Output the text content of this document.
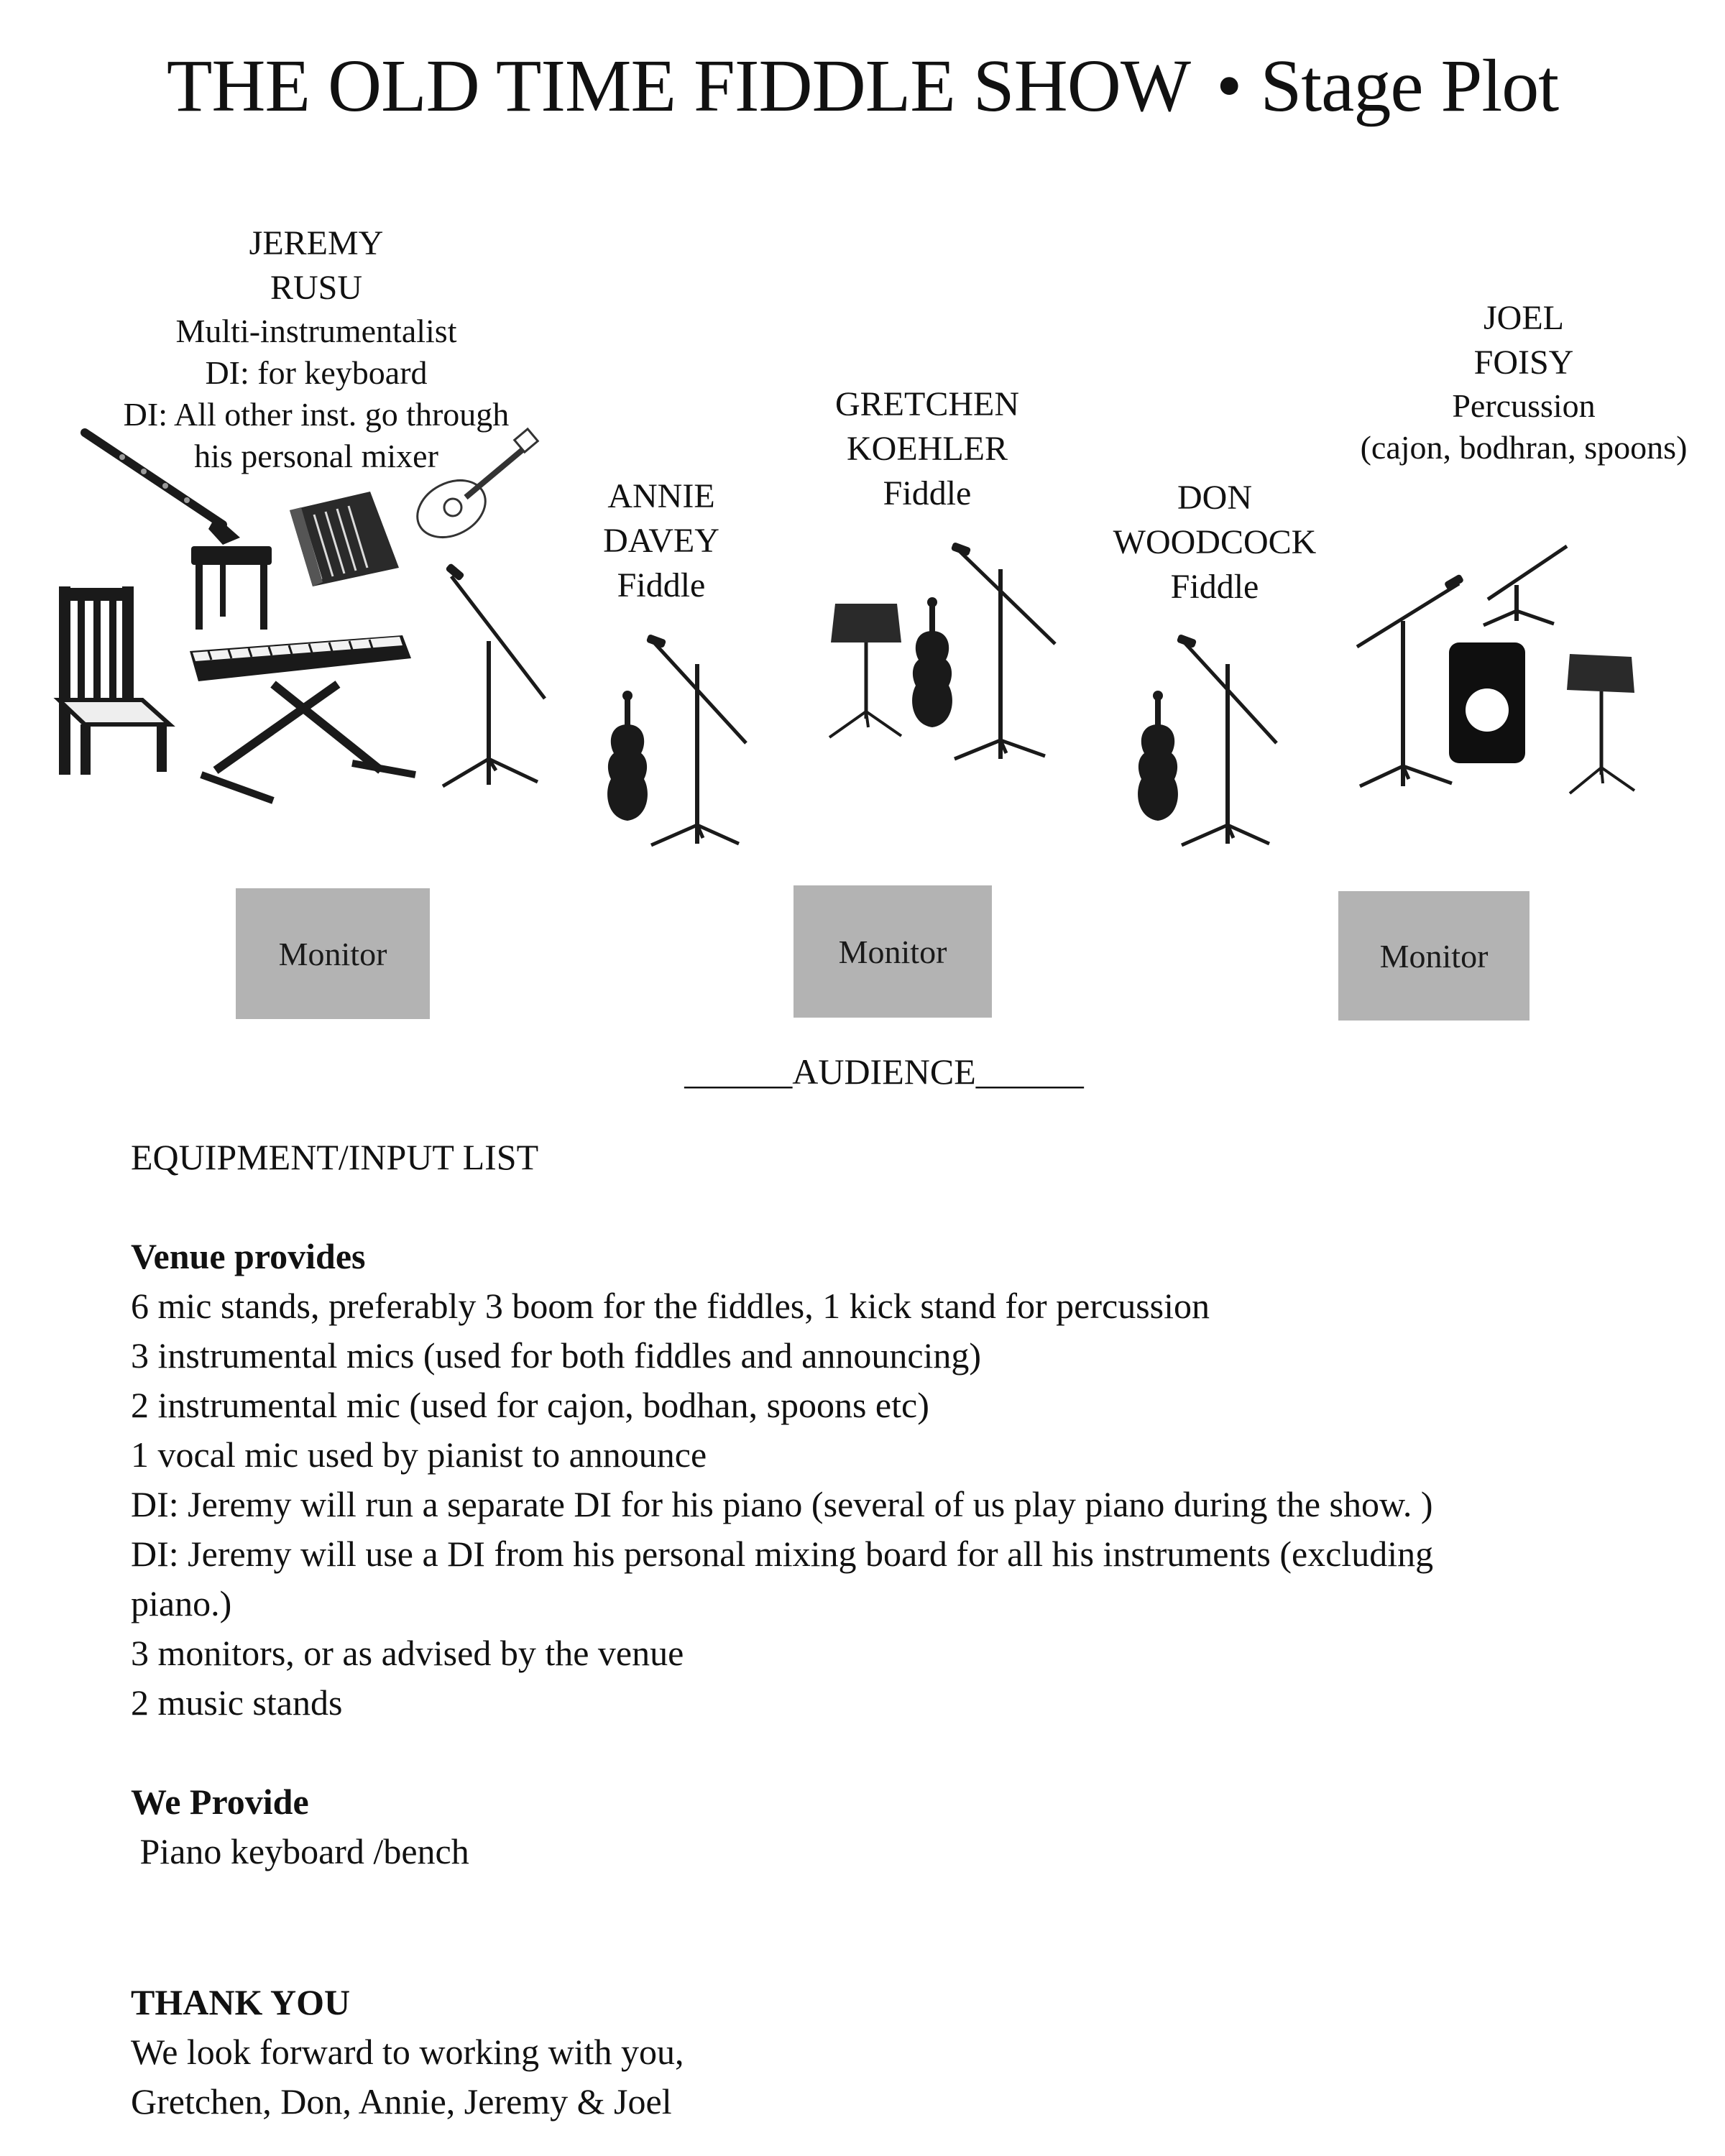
THE OLD TIME FIDDLE SHOW • Stage Plot
JEREMY
RUSU
Multi-instrumentalist
DI: for keyboard
DI: All other inst. go through
his personal mixer
ANNIE
DAVEY
Fiddle
GRETCHEN
KOEHLER
Fiddle	DON
WOODCOCK
Fiddle
JOEL
FOISY
Percussion
(cajon, bodhran, spoons)
Monitor	Monitor	Monitor
______AUDIENCE______
EQUIPMENT/INPUT LIST
Venue provides
6 mic stands, preferably 3 boom for the fiddles, 1 kick stand for percussion
3 instrumental mics (used for both fiddles and announcing)
2 instrumental mic (used for cajon, bodhan, spoons etc)
1 vocal mic used by pianist to announce
DI: Jeremy will run a separate DI for his piano (several of us play piano during the show. )
DI: Jeremy will use a DI from his personal mixing board for all his instruments (excluding
piano.)
3 monitors, or as advised by the venue
2 music stands
We Provide
Piano keyboard /bench
THANK YOU
We look forward to working with you,
Gretchen, Don, Annie, Jeremy & Joel
